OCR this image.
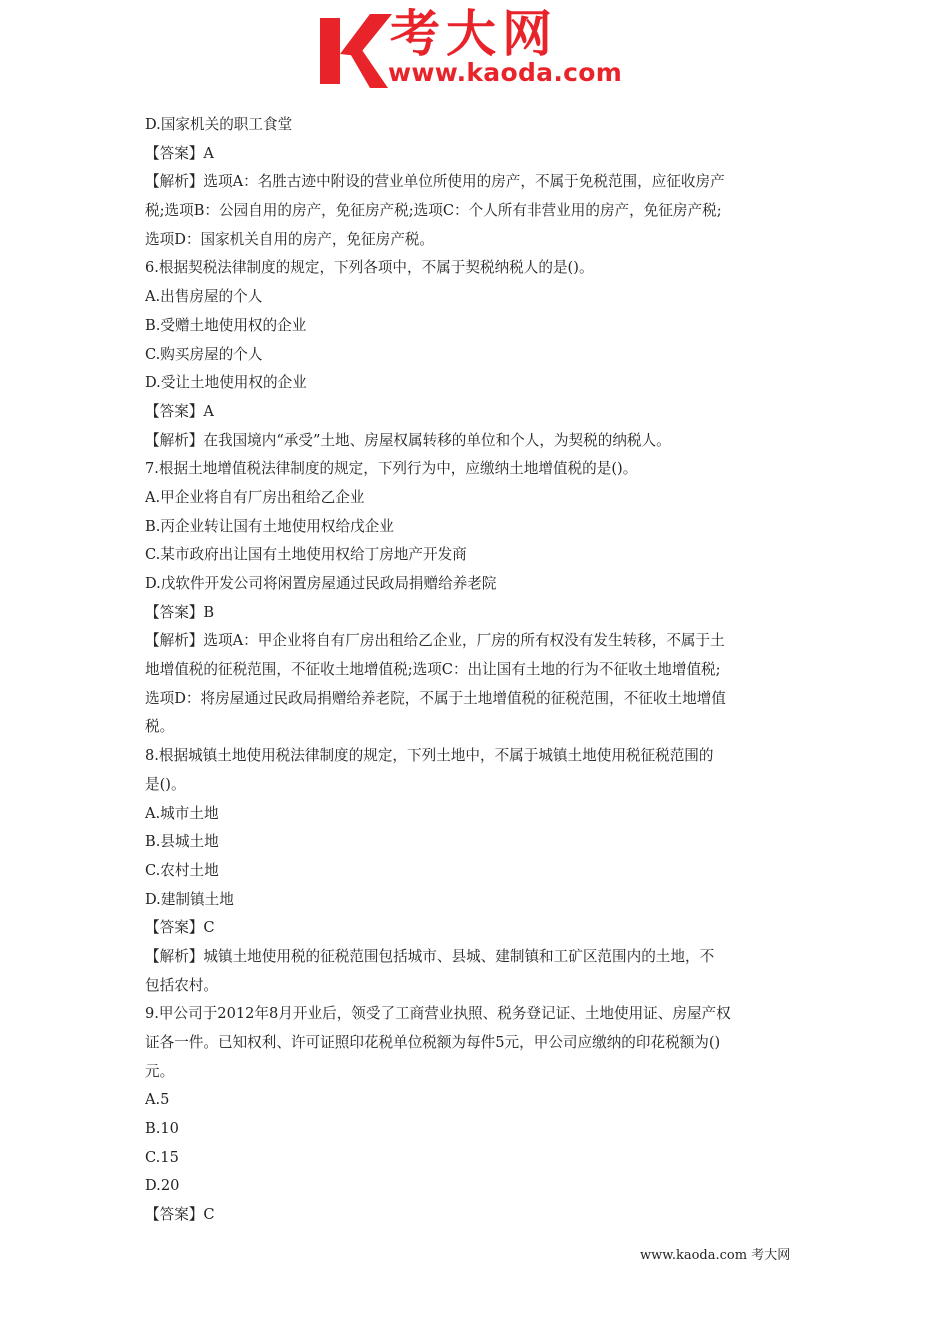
考大网
www.kaoda.com
D.国家机关的职工食堂
【答案】A
【解析】选项A：名胜古迹中附设的营业单位所使用的房产，不属于免税范围，应征收房产
税;选项B：公园自用的房产，免征房产税;选项C：个人所有非营业用的房产，免征房产税;
选项D：国家机关自用的房产，免征房产税。
6.根据契税法律制度的规定，下列各项中，不属于契税纳税人的是()。
A.出售房屋的个人
B.受赠土地使用权的企业
C.购买房屋的个人
D.受让土地使用权的企业
【答案】A
【解析】在我国境内“承受”土地、房屋权属转移的单位和个人，为契税的纳税人。
7.根据土地增值税法律制度的规定，下列行为中，应缴纳土地增值税的是()。
A.甲企业将自有厂房出租给乙企业
B.丙企业转让国有土地使用权给戊企业
C.某市政府出让国有土地使用权给丁房地产开发商
D.戊软件开发公司将闲置房屋通过民政局捐赠给养老院
【答案】B
【解析】选项A：甲企业将自有厂房出租给乙企业，厂房的所有权没有发生转移，不属于土
地增值税的征税范围，不征收土地增值税;选项C：出让国有土地的行为不征收土地增值税;
选项D：将房屋通过民政局捐赠给养老院，不属于土地增值税的征税范围，不征收土地增值
税。
8.根据城镇土地使用税法律制度的规定，下列土地中，不属于城镇土地使用税征税范围的
是()。
A.城市土地
B.县城土地
C.农村土地
D.建制镇土地
【答案】C
【解析】城镇土地使用税的征税范围包括城市、县城、建制镇和工矿区范围内的土地，不
包括农村。
9.甲公司于2012年8月开业后，领受了工商营业执照、税务登记证、土地使用证、房屋产权
证各一件。已知权利、许可证照印花税单位税额为每件5元，甲公司应缴纳的印花税额为()
元。
A.5
B.10
C.15
D.20
【答案】C
www.kaoda.com 考大网
